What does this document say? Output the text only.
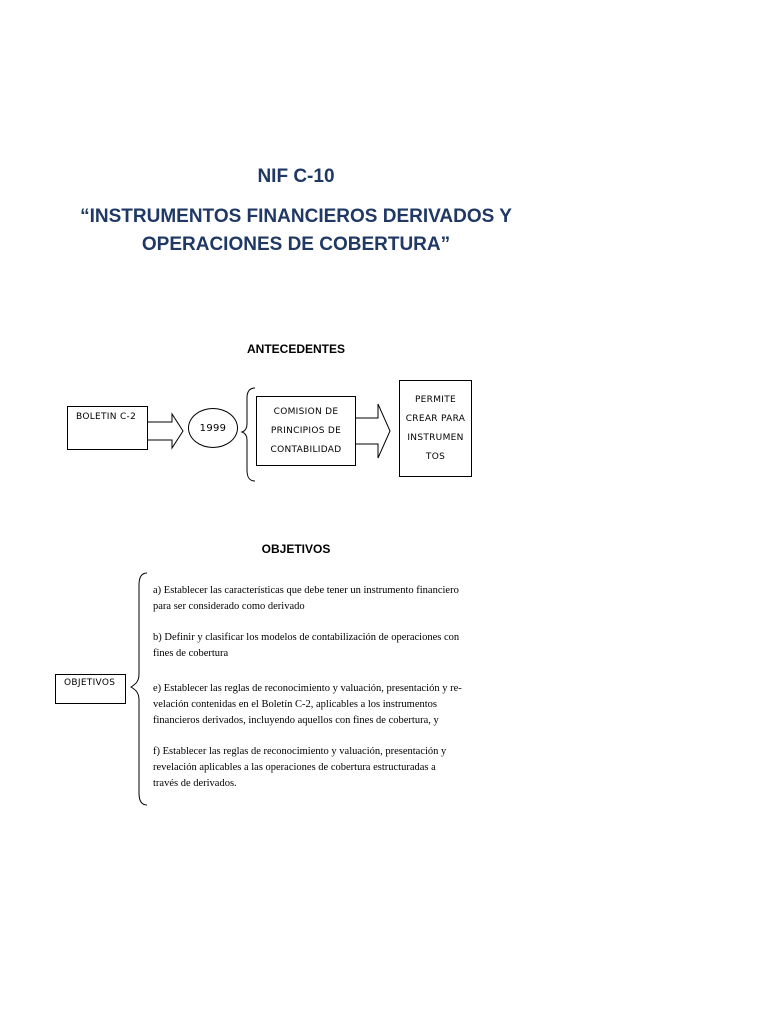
NIF C-10
“INSTRUMENTOS FINANCIEROS DERIVADOS Y
OPERACIONES DE COBERTURA”
ANTECEDENTES
BOLETIN C-2
1999
COMISION DE
PRINCIPIOS DE
CONTABILIDAD
PERMITE
CREAR PARA
INSTRUMEN
TOS
OBJETIVOS
OBJETIVOS
a) Establecer las características que debe tener un instrumento financiero
para ser considerado como derivado
b) Definir y clasificar los modelos de contabilización de operaciones con
fines de cobertura
e) Establecer las reglas de reconocimiento y valuación, presentación y re-
velación contenidas en el Boletín C-2, aplicables a los instrumentos
financieros derivados, incluyendo aquellos con fines de cobertura, y
f) Establecer las reglas de reconocimiento y valuación, presentación y
revelación aplicables a las operaciones de cobertura estructuradas a
través de derivados.
